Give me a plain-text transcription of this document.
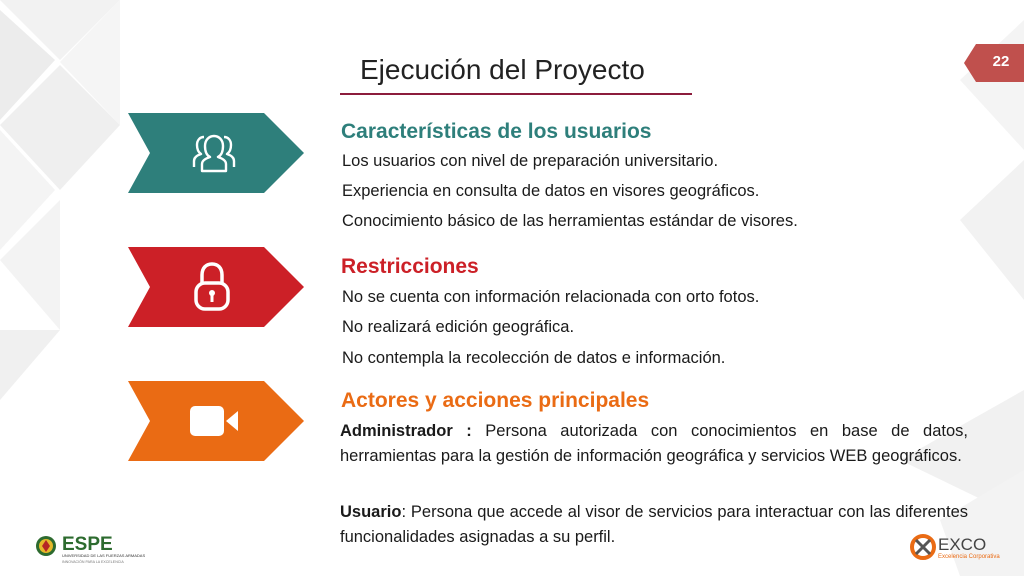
Ejecución del Proyecto	22
Características de los usuarios
Los usuarios con nivel de preparación universitario.
Experiencia en consulta de datos en visores geográficos.
Conocimiento básico de las herramientas estándar de visores.
Restricciones
No se cuenta con información relacionada con orto fotos.
No realizará edición geográfica.
No contempla la recolección de datos e información.
Actores y acciones principales
Administrador : Persona autorizada con conocimientos en base de datos, herramientas para la gestión de información geográfica y servicios WEB geográficos.
Usuario: Persona que accede al visor de servicios para interactuar con las diferentes funcionalidades asignadas a su perfil.
ESPE
UNIVERSIDAD DE LAS FUERZAS ARMADAS
INNOVACIÓN PARA LA EXCELENCIA
EXCO
Excelencia Corporativa
